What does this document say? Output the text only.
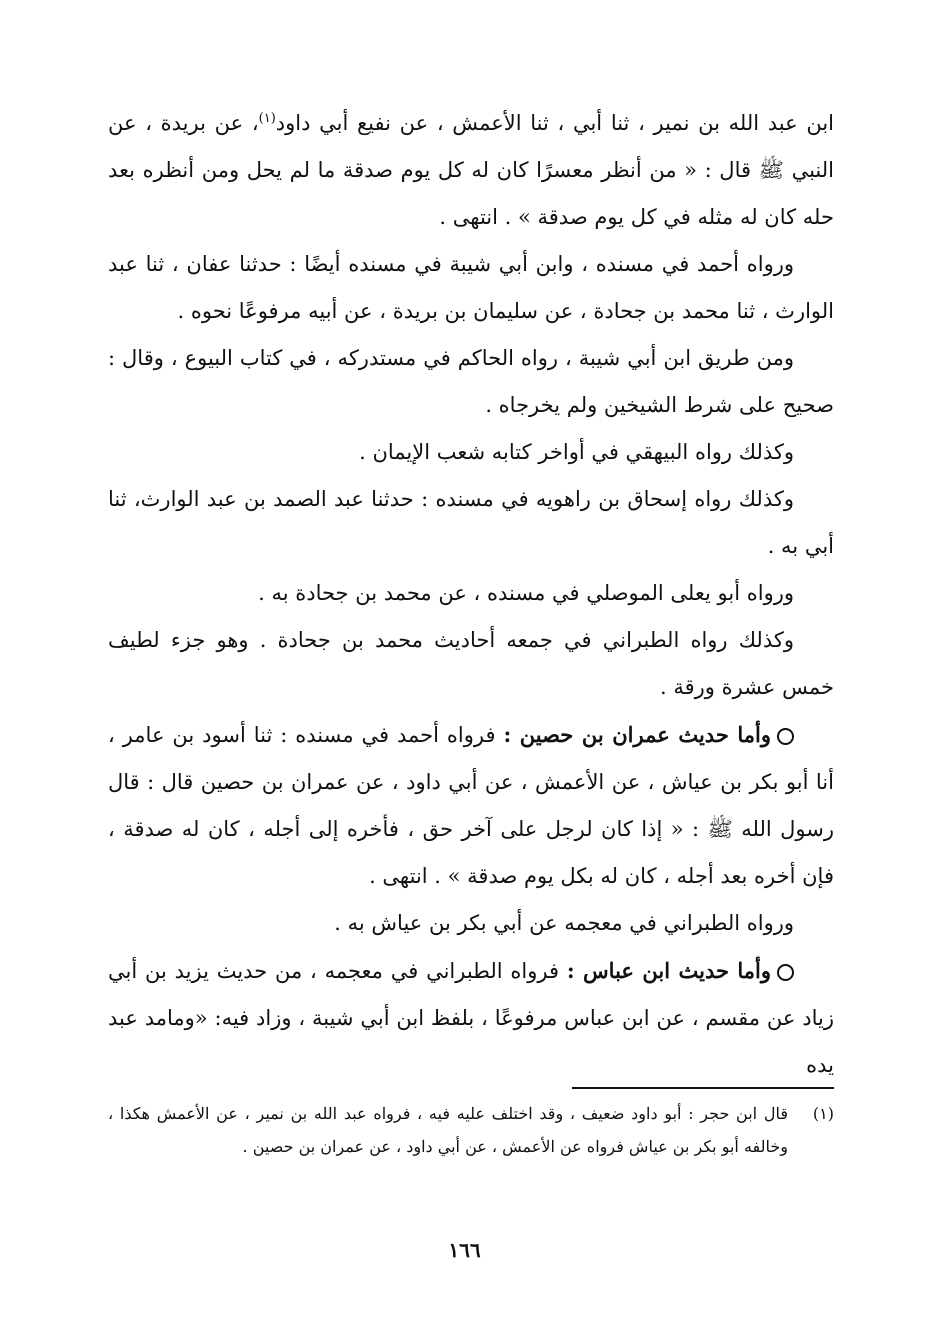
ابن عبد الله بن نمير ، ثنا أبي ، ثنا الأعمش ، عن نفيع أبي داود$^{(١)}$، عن بريدة ، عن النبي ﷺ قال : « من أنظر معسرًا كان له كل يوم صدقة ما لم يحل ومن أنظره بعد حله كان له مثله في كل يوم صدقة » . انتهى .

ورواه أحمد في مسنده ، وابن أبي شيبة في مسنده أيضًا : حدثنا عفان ، ثنا عبد الوارث ، ثنا محمد بن جحادة ، عن سليمان بن بريدة ، عن أبيه مرفوعًا نحوه .

ومن طريق ابن أبي شيبة ، رواه الحاكم في مستدركه ، في كتاب البيوع ، وقال : صحيح على شرط الشيخين ولم يخرجاه .

وكذلك رواه البيهقي في أواخر كتابه شعب الإيمان .

وكذلك رواه إسحاق بن راهويه في مسنده : حدثنا عبد الصمد بن عبد الوارث، ثنا أبي به .

ورواه أبو يعلى الموصلي في مسنده ، عن محمد بن جحادة به .

وكذلك رواه الطبراني في جمعه أحاديث محمد بن جحادة . وهو جزء لطيف خمس عشرة ورقة .

وأما حديث عمران بن حصين : فرواه أحمد في مسنده : ثنا أسود بن عامر ، أنا أبو بكر بن عياش ، عن الأعمش ، عن أبي داود ، عن عمران بن حصين قال : قال رسول الله ﷺ : « إذا كان لرجل على آخر حق ، فأخره إلى أجله ، كان له صدقة ، فإن أخره بعد أجله ، كان له بكل يوم صدقة » . انتهى .

ورواه الطبراني في معجمه عن أبي بكر بن عياش به .

وأما حديث ابن عباس : فرواه الطبراني في معجمه ، من حديث يزيد بن أبي زياد عن مقسم ، عن ابن عباس مرفوعًا ، بلفظ ابن أبي شيبة ، وزاد فيه: «ومامد عبد يده

(١)
قال ابن حجر : أبو داود ضعيف ، وقد اختلف عليه فيه ، فرواه عبد الله بن نمير ، عن الأعمش هكذا ، وخالفه أبو بكر بن عياش فرواه عن الأعمش ، عن أبي داود ، عن عمران بن حصين .
١٦٦
